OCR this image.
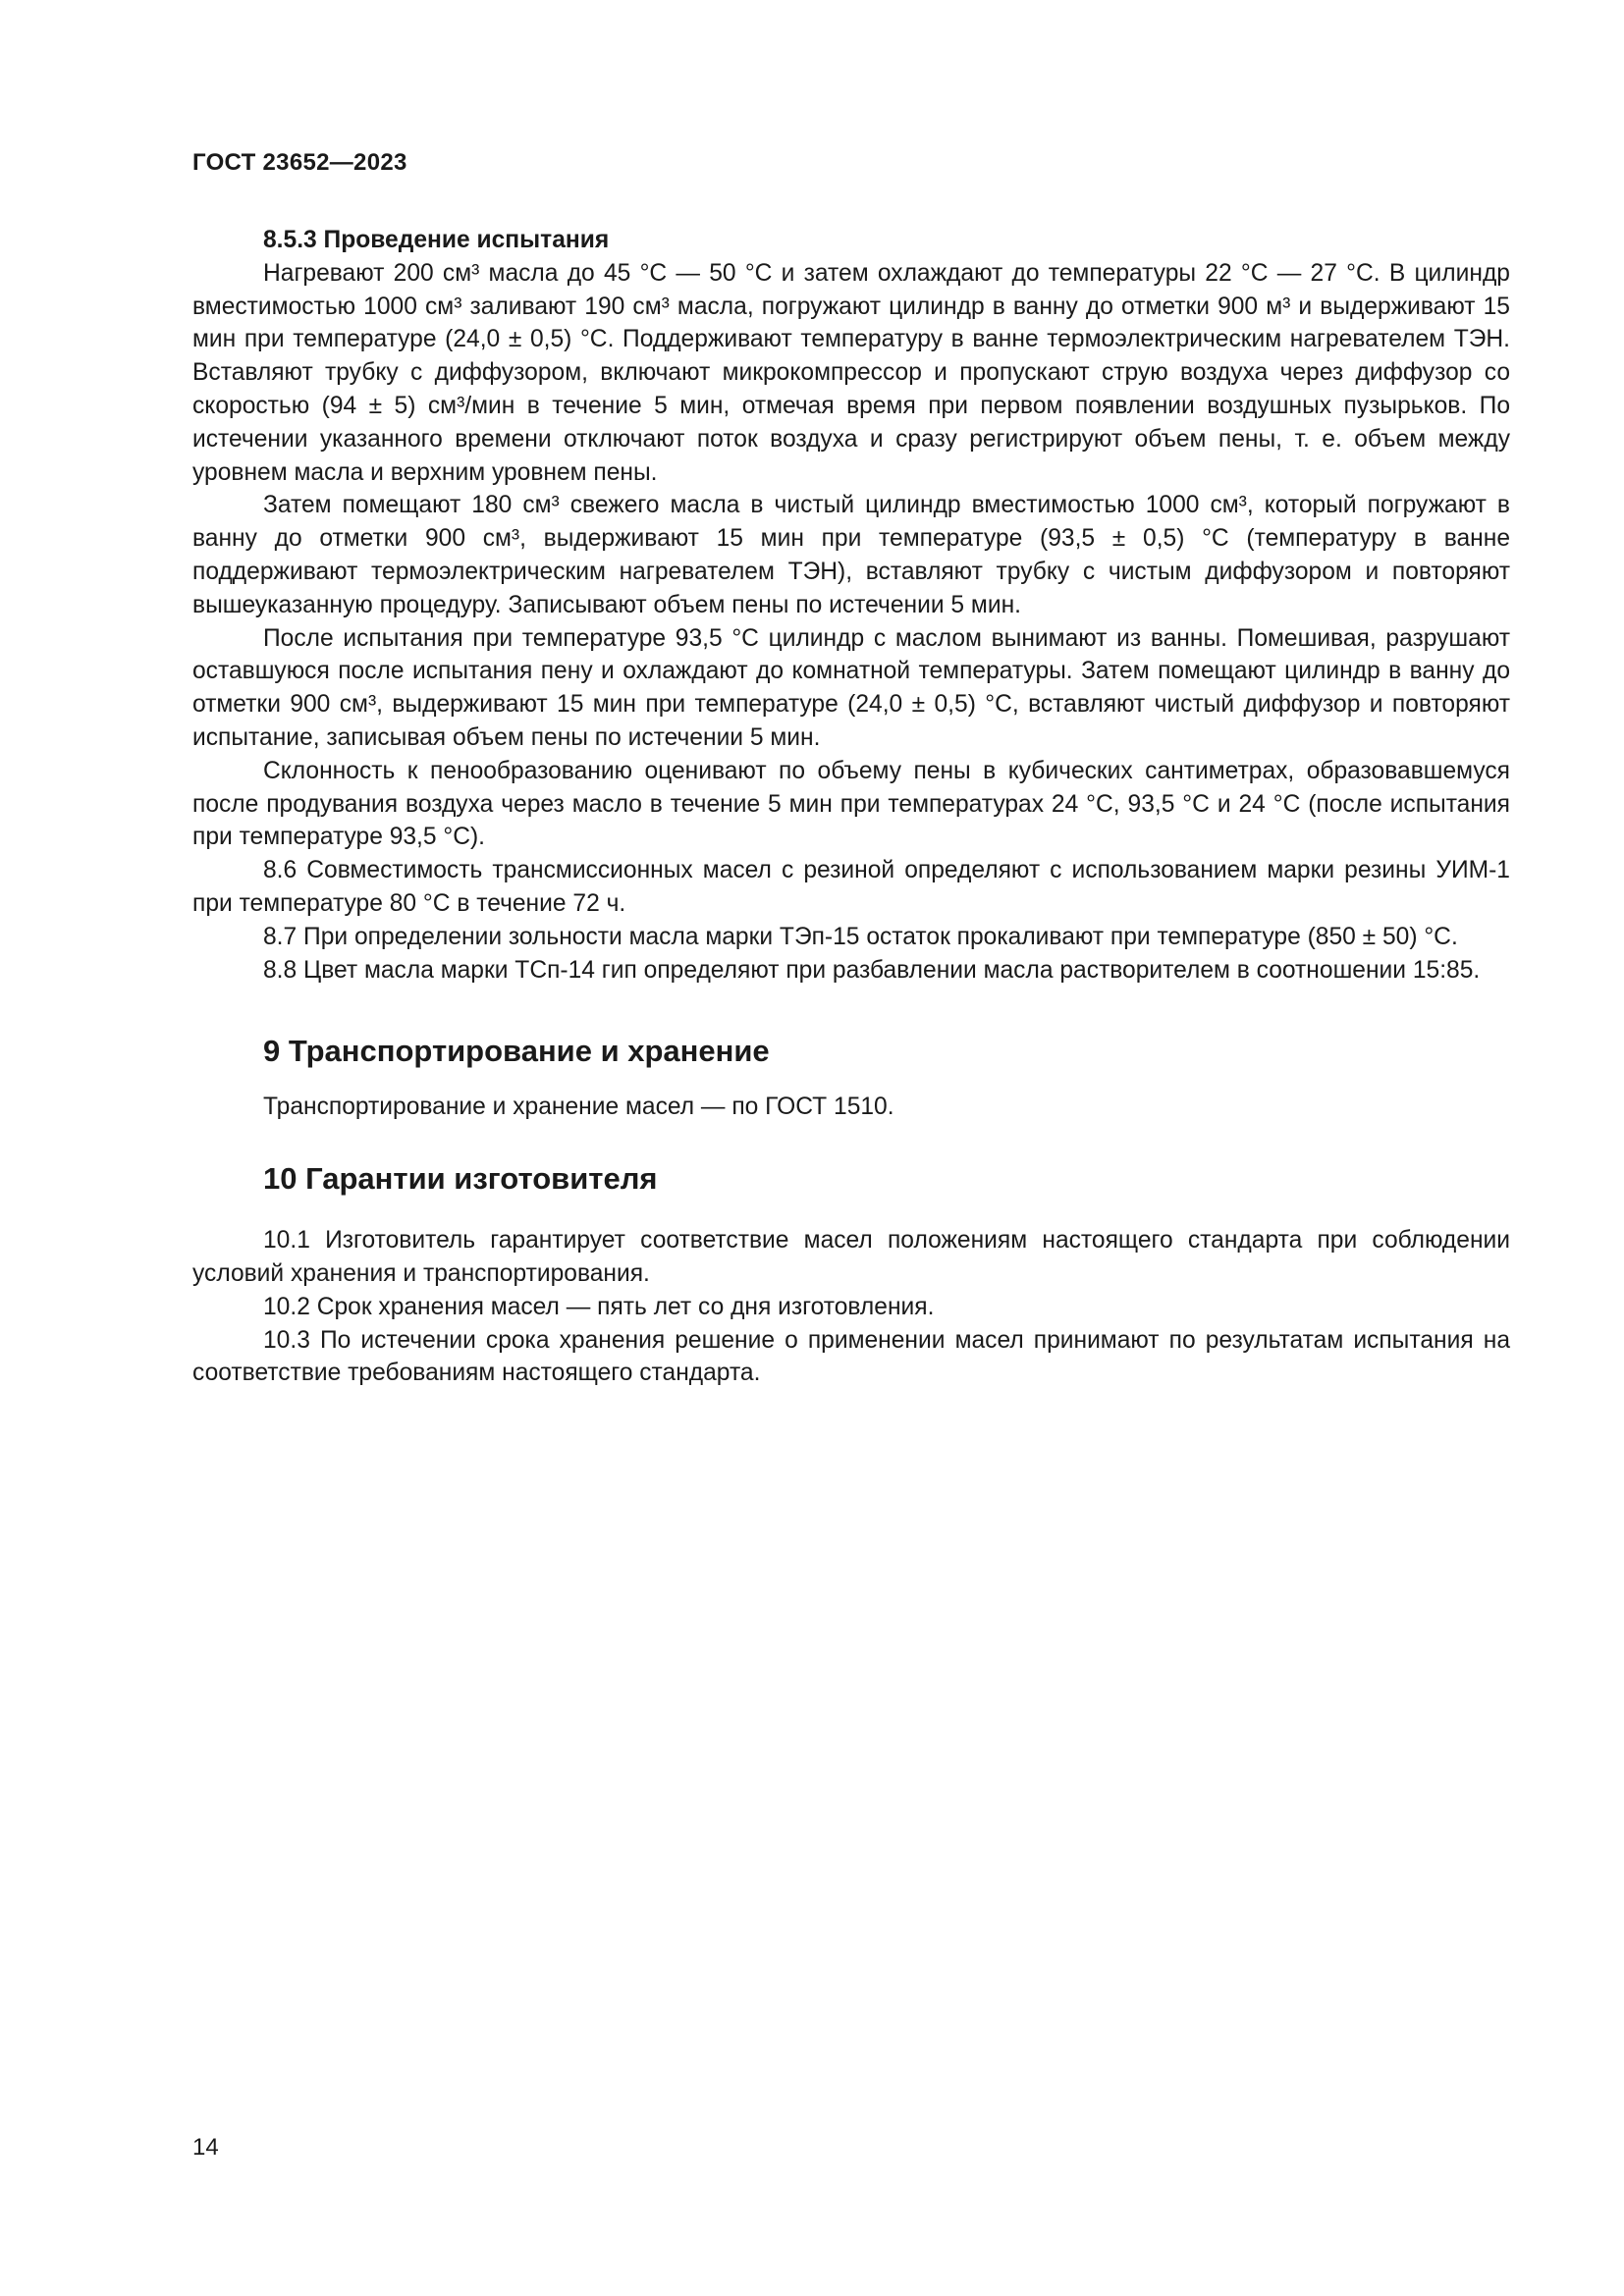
ГОСТ 23652—2023

8.5.3 Проведение испытания

Нагревают 200 см³ масла до 45 °С — 50 °С и затем охлаждают до температуры 22 °С — 27 °С. В цилиндр вместимостью 1000 см³ заливают 190 см³ масла, погружают цилиндр в ванну до отметки 900 м³ и выдерживают 15 мин при температуре (24,0 ± 0,5) °С. Поддерживают температуру в ванне термоэлектрическим нагревателем ТЭН. Вставляют трубку с диффузором, включают микрокомпрессор и пропускают струю воздуха через диффузор со скоростью (94 ± 5) см³/мин в течение 5 мин, отмечая время при первом появлении воздушных пузырьков. По истечении указанного времени отключают поток воздуха и сразу регистрируют объем пены, т. е. объем между уровнем масла и верхним уровнем пены.

Затем помещают 180 см³ свежего масла в чистый цилиндр вместимостью 1000 см³, который погружают в ванну до отметки 900 см³, выдерживают 15 мин при температуре (93,5 ± 0,5) °С (температуру в ванне поддерживают термоэлектрическим нагревателем ТЭН), вставляют трубку с чистым диффузором и повторяют вышеуказанную процедуру. Записывают объем пены по истечении 5 мин.

После испытания при температуре 93,5 °С цилиндр с маслом вынимают из ванны. Помешивая, разрушают оставшуюся после испытания пену и охлаждают до комнатной температуры. Затем помещают цилиндр в ванну до отметки 900 см³, выдерживают 15 мин при температуре (24,0 ± 0,5) °С, вставляют чистый диффузор и повторяют испытание, записывая объем пены по истечении 5 мин.

Склонность к пенообразованию оценивают по объему пены в кубических сантиметрах, образовавшемуся после продувания воздуха через масло в течение 5 мин при температурах 24 °С, 93,5 °С и 24 °С (после испытания при температуре 93,5 °С).

8.6 Совместимость трансмиссионных масел с резиной определяют с использованием марки резины УИМ-1 при температуре 80 °С в течение 72 ч.

8.7 При определении зольности масла марки ТЭп-15 остаток прокаливают при температуре (850 ± 50) °С.

8.8 Цвет масла марки ТСп-14 гип определяют при разбавлении масла растворителем в соотношении 15:85.

9 Транспортирование и хранение

Транспортирование и хранение масел — по ГОСТ 1510.

10 Гарантии изготовителя

10.1 Изготовитель гарантирует соответствие масел положениям настоящего стандарта при соблюдении условий хранения и транспортирования.

10.2 Срок хранения масел — пять лет со дня изготовления.

10.3 По истечении срока хранения решение о применении масел принимают по результатам испытания на соответствие требованиям настоящего стандарта.

14
